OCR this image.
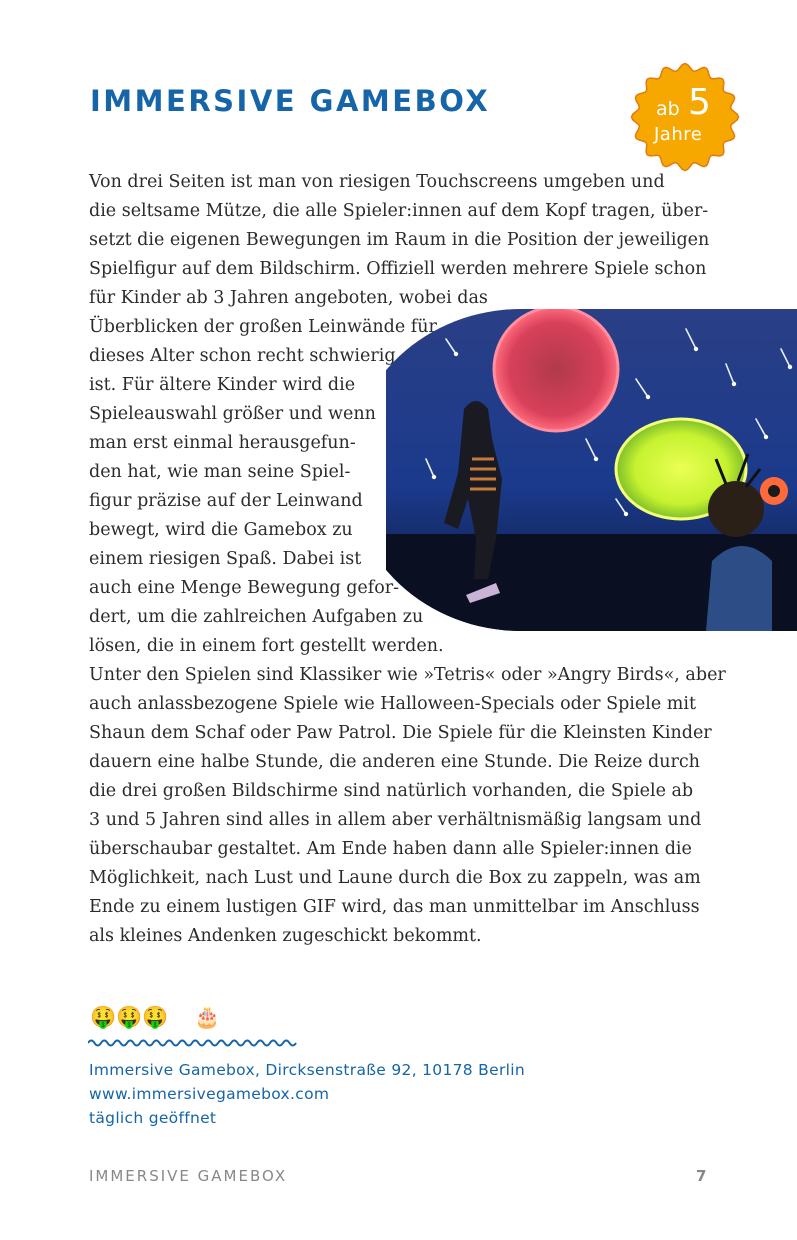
IMMERSIVE GAMEBOX	ab 5
Jahre
Von drei Seiten ist man von riesigen Touchscreens umgeben und
die seltsame Mütze, die alle Spieler:innen auf dem Kopf tragen, über-
setzt die eigenen Bewegungen im Raum in die Position der jeweiligen
Spielfigur auf dem Bildschirm. Offiziell werden mehrere Spiele schon
für Kinder ab 3 Jahren angeboten, wobei das
Überblicken der großen Leinwände für
dieses Alter schon recht schwierig
ist. Für ältere Kinder wird die
Spieleauswahl größer und wenn
man erst einmal herausgefun-
den hat, wie man seine Spiel-
figur präzise auf der Leinwand
bewegt, wird die Gamebox zu
einem riesigen Spaß. Dabei ist
auch eine Menge Bewegung gefor-
dert, um die zahlreichen Aufgaben zu
lösen, die in einem fort gestellt werden.
Unter den Spielen sind Klassiker wie »Tetris« oder »Angry Birds«, aber
auch anlassbezogene Spiele wie Halloween-Specials oder Spiele mit
Shaun dem Schaf oder Paw Patrol. Die Spiele für die Kleinsten Kinder
dauern eine halbe Stunde, die anderen eine Stunde. Die Reize durch
die drei großen Bildschirme sind natürlich vorhanden, die Spiele ab
3 und 5 Jahren sind alles in allem aber verhältnismäßig langsam und
überschaubar gestaltet. Am Ende haben dann alle Spieler:innen die
Möglichkeit, nach Lust und Laune durch die Box zu zappeln, was am
Ende zu einem lustigen GIF wird, das man unmittelbar im Anschluss
als kleines Andenken zugeschickt bekommt.
🤑 🤑 🤑 🎂
Immersive Gamebox, Dircksenstraße 92, 10178 Berlin
www.immersivegamebox.com
täglich geöffnet
IMMERSIVE GAMEBOX	7
